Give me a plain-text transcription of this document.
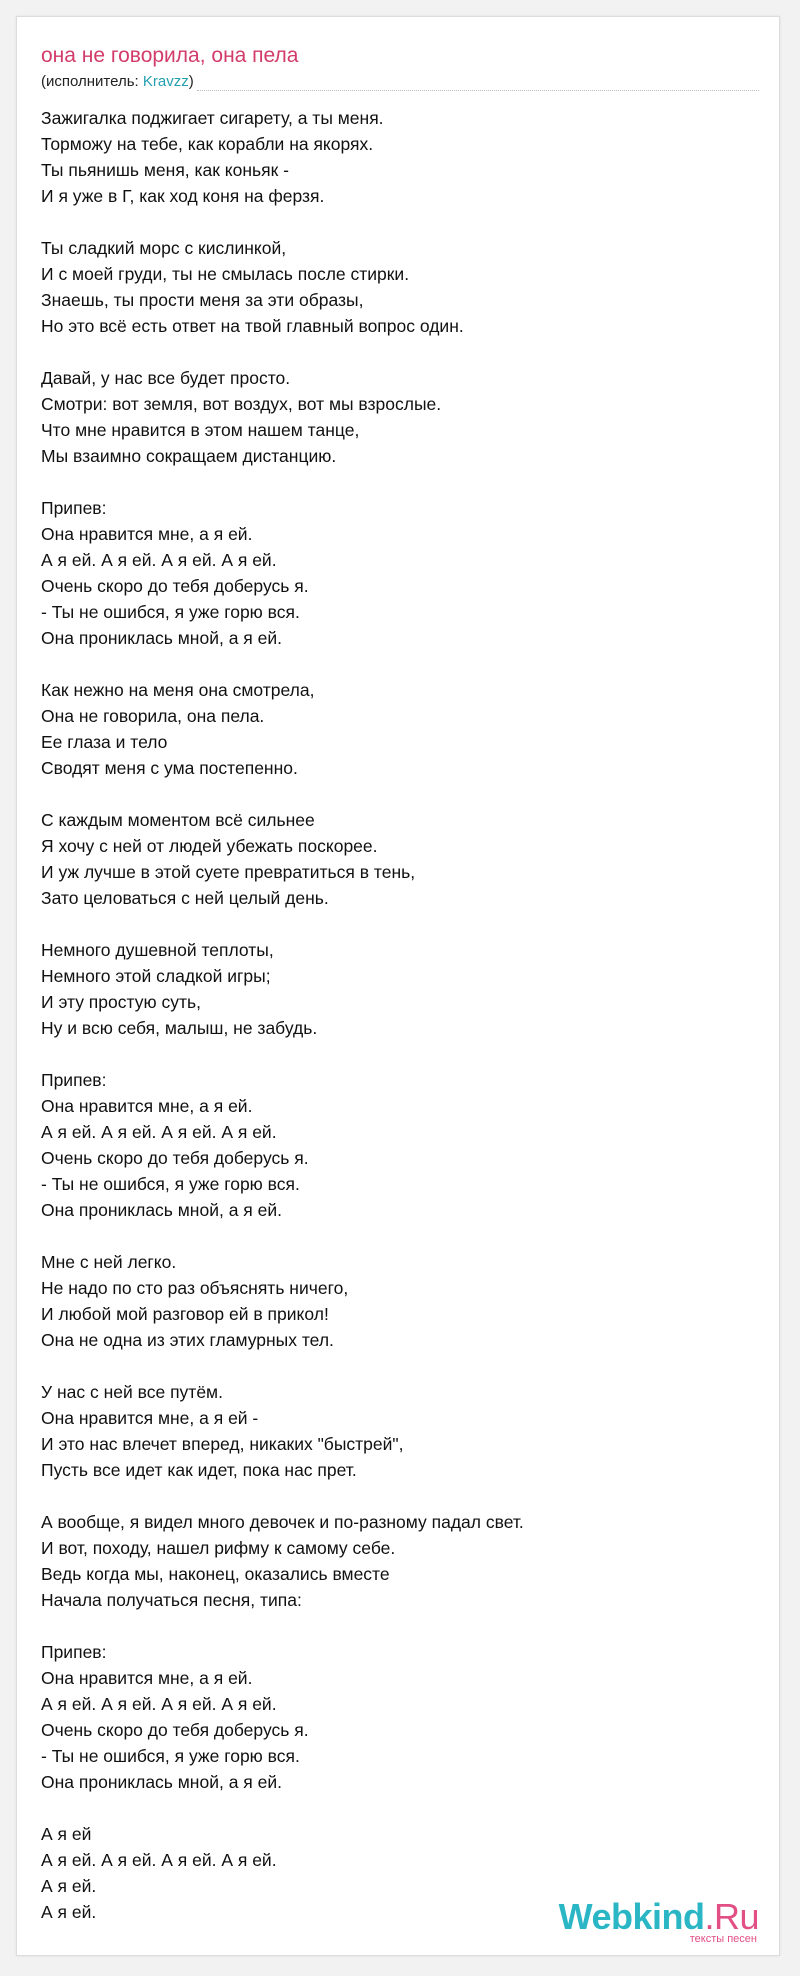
она не говорила, она пела
(исполнитель: Kravzz)
Зажигалка поджигает сигарету, а ты меня.
Торможу на тебе, как корабли на якорях.
Ты пьянишь меня, как коньяк -
И я уже в Г, как ход коня на ферзя.
Ты сладкий морс с кислинкой,
И с моей груди, ты не смылась после стирки.
Знаешь, ты прости меня за эти образы,
Но это всё есть ответ на твой главный вопрос один.
Давай, у нас все будет просто.
Смотри: вот земля, вот воздух, вот мы взрослые.
Что мне нравится в этом нашем танце,
Мы взаимно сокращаем дистанцию.
Припев:
Она нравится мне, а я ей.
А я ей. А я ей. А я ей. А я ей.
Очень скоро до тебя доберусь я.
- Ты не ошибся, я уже горю вся.
Она прониклась мной, а я ей.
Как нежно на меня она смотрела,
Она не говорила, она пела.
Ее глаза и тело
Сводят меня с ума постепенно.
С каждым моментом всё сильнее
Я хочу с ней от людей убежать поскорее.
И уж лучше в этой суете превратиться в тень,
Зато целоваться с ней целый день.
Немного душевной теплоты,
Немного этой сладкой игры;
И эту простую суть,
Ну и всю себя, малыш, не забудь.
Припев:
Она нравится мне, а я ей.
А я ей. А я ей. А я ей. А я ей.
Очень скоро до тебя доберусь я.
- Ты не ошибся, я уже горю вся.
Она прониклась мной, а я ей.
Мне с ней легко.
Не надо по сто раз объяснять ничего,
И любой мой разговор ей в прикол!
Она не одна из этих гламурных тел.
У нас с ней все путём.
Она нравится мне, а я ей -
И это нас влечет вперед, никаких "быстрей",
Пусть все идет как идет, пока нас прет.
А вообще, я видел много девочек и по-разному падал свет.
И вот, походу, нашел рифму к самому себе.
Ведь когда мы, наконец, оказались вместе
Начала получаться песня, типа:
Припев:
Она нравится мне, а я ей.
А я ей. А я ей. А я ей. А я ей.
Очень скоро до тебя доберусь я.
- Ты не ошибся, я уже горю вся.
Она прониклась мной, а я ей.
А я ей
А я ей. А я ей. А я ей. А я ей.
А я ей.
А я ей.	Webkind.Ru
тексты песен
